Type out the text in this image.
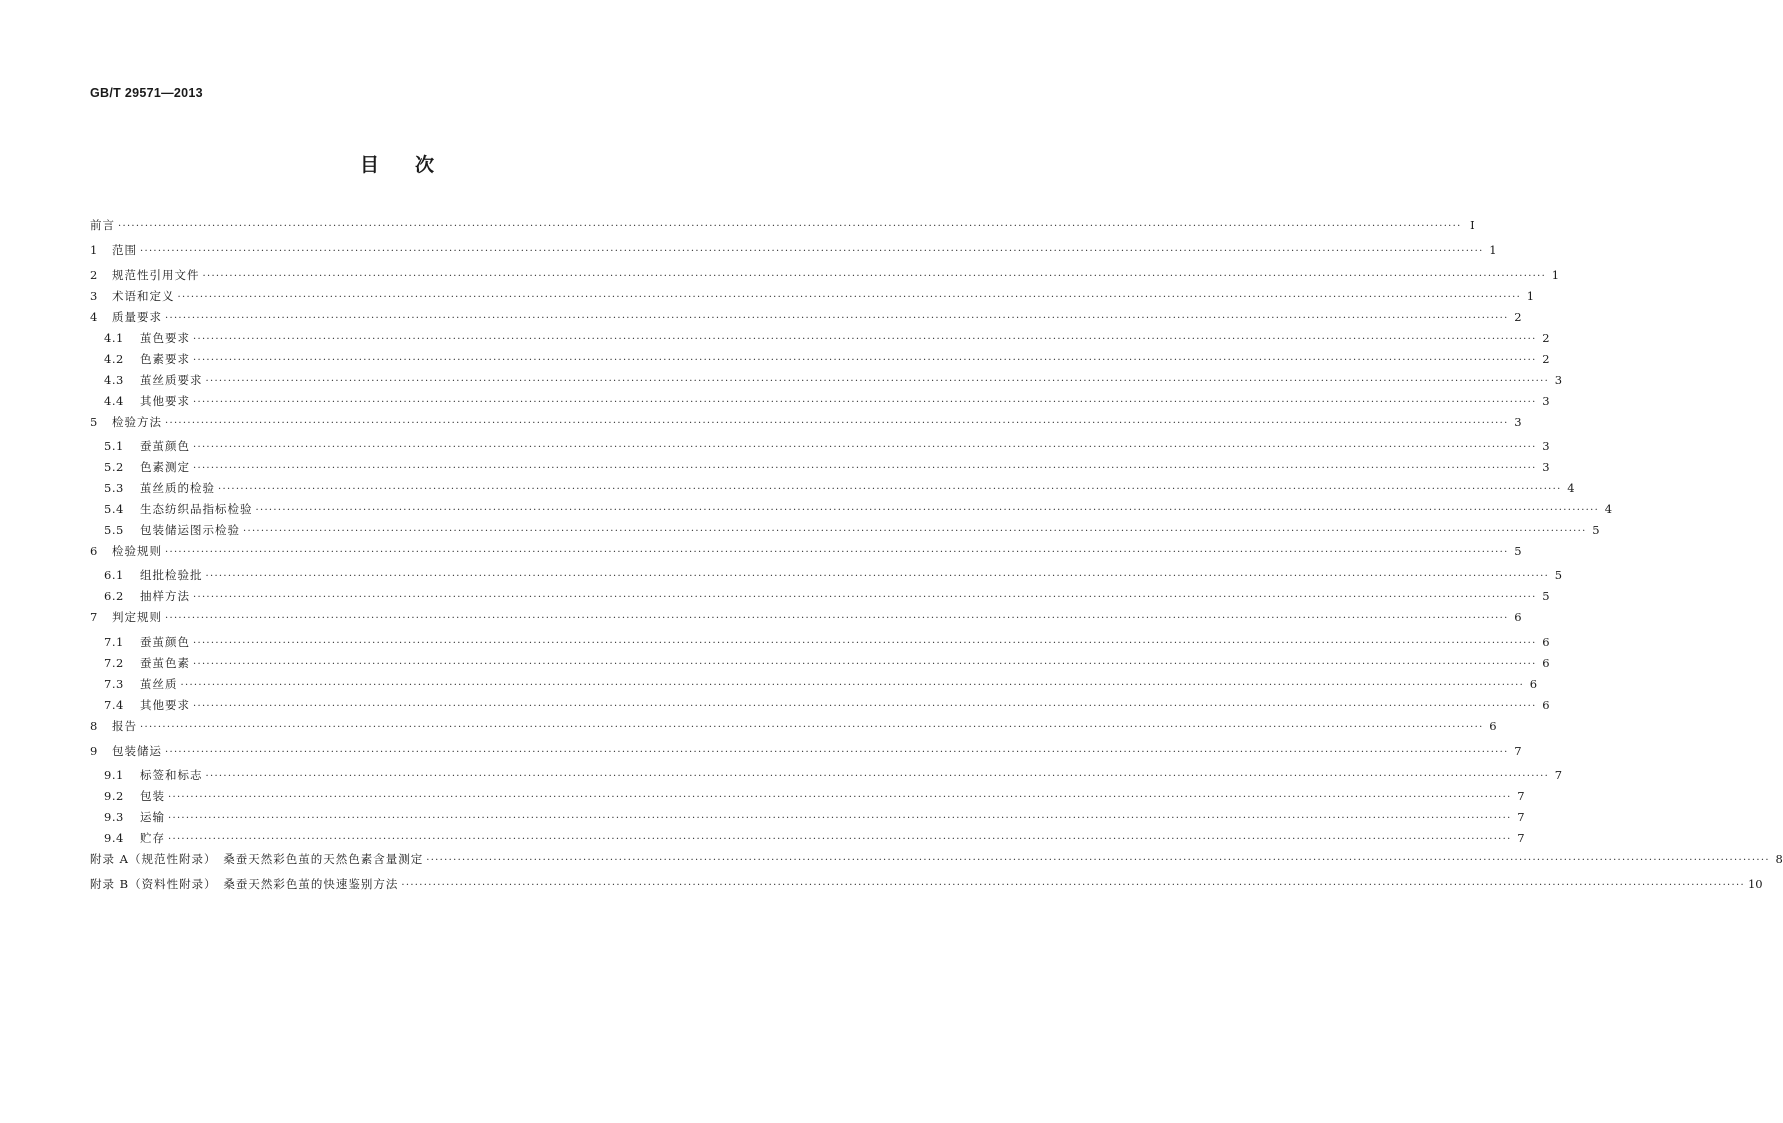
GB/T 29571—2013
目 次
前言 ············································································································································································································································································································ Ⅰ
1	范围 ············································································································································································································································································································ 1
2	规范性引用文件 ············································································································································································································································································································ 1
3	术语和定义 ············································································································································································································································································································ 1
4	质量要求 ············································································································································································································································································································ 2
4.1	茧色要求 ············································································································································································································································································································ 2
4.2	色素要求 ············································································································································································································································································································ 2
4.3	茧丝质要求 ············································································································································································································································································································ 3
4.4	其他要求 ············································································································································································································································································································ 3
5	检验方法 ············································································································································································································································································································ 3
5.1	蚕茧颜色 ············································································································································································································································································································ 3
5.2	色素测定 ············································································································································································································································································································ 3
5.3	茧丝质的检验 ············································································································································································································································································································ 4
5.4	生态纺织品指标检验 ············································································································································································································································································································ 4
5.5	包装储运图示检验 ············································································································································································································································································································ 5
6	检验规则 ············································································································································································································································································································ 5
6.1	组批检验批 ············································································································································································································································································································ 5
6.2	抽样方法 ············································································································································································································································································································ 5
7	判定规则 ············································································································································································································································································································ 6
7.1	蚕茧颜色 ············································································································································································································································································································ 6
7.2	蚕茧色素 ············································································································································································································································································································ 6
7.3	茧丝质 ············································································································································································································································································································ 6
7.4	其他要求 ············································································································································································································································································································ 6
8	报告 ············································································································································································································································································································ 6
9	包装储运 ············································································································································································································································································································ 7
9.1	标签和标志 ············································································································································································································································································································ 7
9.2	包装 ············································································································································································································································································································ 7
9.3	运输 ············································································································································································································································································································ 7
9.4	贮存 ············································································································································································································································································································ 7
附录 A（规范性附录）　桑蚕天然彩色茧的天然色素含量测定 ············································································································································································································································································································ 8
附录 B（资料性附录）　桑蚕天然彩色茧的快速鉴别方法 ············································································································································································································································································································ 10
